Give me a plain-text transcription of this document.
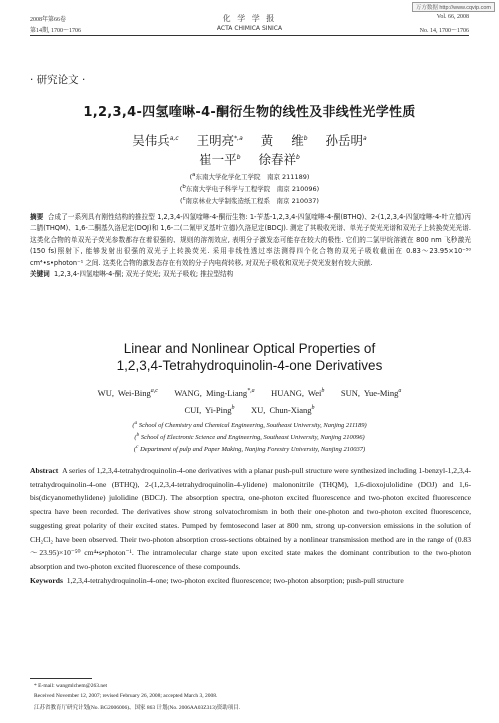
万方数据 http://www.cqvip.com
2008年第66卷
第14期, 1700～1706
化 学 学 报
ACTA CHIMICA SINICA
Vol. 66, 2008
No. 14, 1700～1706
· 研究论文 ·
1,2,3,4-四氢喹啉-4-酮衍生物的线性及非线性光学性质
吴伟兵$^{a,c}$ 王明亮$^{*,a}$ 黄 维$^b$ 孙岳明$^a$
崔一平$^b$ 徐春祥$^b$
($^a$东南大学化学化工学院　南京 211189)
($^b$东南大学电子科学与工程学院　南京 210096)
($^c$南京林业大学制浆造纸工程系　南京 210037)
摘要 合成了一系列具有刚性结构的推拉型 1,2,3,4-四氢喹啉-4-酮衍生物: 1-苄基-1,2,3,4-四氢喹啉-4-酮(BTHQ)、2-(1,2,3,4-四氢喹啉-4-叶立德)丙二腈(THQM)、1,6-二酮基久洛尼定(DOJ)和 1,6-二(二氰甲叉基叶立德)久洛尼定(BDCJ). 测定了其吸收光谱、单光子荧光光谱和双光子上转换荧光光谱. 这类化合物的单双光子荧光参数都存在着很强的、规则的溶剂效应, 表明分子激发态可能存在较大的极性. 它们的二氯甲烷溶液在 800 nm 飞秒激光(150 fs)照射下, 能够发射出很强的双光子上转换荧光. 采用非线性透过率法测得四个化合物的双光子吸收截面在 0.83～23.95×10⁻⁵⁰ cm⁴•s•photon⁻¹ 之间. 这类化合物的激发态存在有效的分子内电荷转移, 对双光子吸收和双光子荧光发射有较大贡献.
关键词 1,2,3,4-四氢喹啉-4-酮; 双光子荧光; 双光子吸收; 推拉型结构
Linear and Nonlinear Optical Properties of
1,2,3,4-Tetrahydroquinolin-4-one Derivatives
WU, Wei-Bing$^{a,c}$ WANG, Ming-Liang$^{*,a}$ HUANG, Wei$^b$ SUN, Yue-Ming$^a$
CUI, Yi-Ping$^b$ XU, Chun-Xiang$^b$
($^a$ School of Chemistry and Chemical Engineering, Southeast University, Nanjing 211189)
($^b$ School of Electronic Science and Engineering, Southeast University, Nanjing 210096)
($^c$ Department of pulp and Paper Making, Nanjing Forestry University, Nanjing 210037)
Abstract A series of 1,2,3,4-tetrahydroquinolin-4-one derivatives with a planar push-pull structure were synthesized including 1-benzyl-1,2,3,4-tetrahydroquinolin-4-one (BTHQ), 2-(1,2,3,4-tetrahydroquinolin-4-ylidene) malononitrile (THQM), 1,6-dioxojulolidine (DOJ) and 1,6-bis(dicyanomethylidene) julolidine (BDCJ). The absorption spectra, one-photon excited fluorescence and two-photon excited fluorescence spectra have been recorded. The derivatives show strong solvatochromism in both their one-photon and two-photon excited fluorescence, suggesting great polarity of their excited states. Pumped by femtosecond laser at 800 nm, strong up-conversion emissions in the solution of CH₂Cl₂ have been observed. Their two-photon absorption cross-sections obtained by a nonlinear transmission method are in the range of (0.83～23.95)×10⁻⁵⁰ cm⁴•s•photon⁻¹. The intramolecular charge state upon excited state makes the dominant contribution to the two-photon absorption and two-photon excited fluorescence of these compounds.
Keywords 1,2,3,4-tetrahydroquinolin-4-one; two-photon excited fluorescence; two-photon absorption; push-pull structure
* E-mail: wangmlchem@263.net
Received November 12, 2007; revised February 26, 2008; accepted March 3, 2008.
江苏省教育厅研究计划(No. BG2006006)、国家 863 计划(No. 2006AA03Z313)资助项目.
